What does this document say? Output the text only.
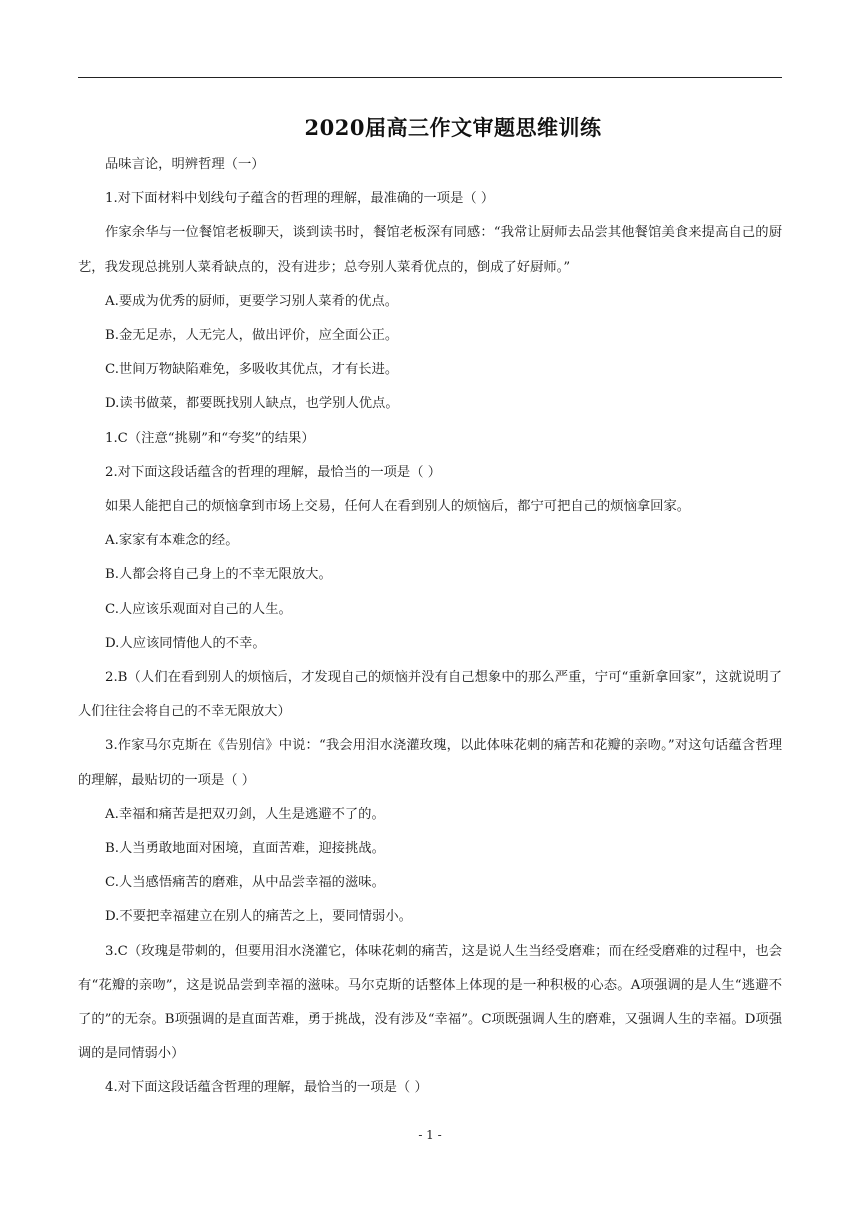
2020届高三作文审题思维训练

品味言论，明辨哲理（一）

1.对下面材料中划线句子蕴含的哲理的理解，最准确的一项是（ ）

作家余华与一位餐馆老板聊天，谈到读书时，餐馆老板深有同感：“我常让厨师去品尝其他餐馆美食来提高自己的厨艺，我发现总挑别人菜肴缺点的，没有进步；总夸别人菜肴优点的，倒成了好厨师。”

A.要成为优秀的厨师，更要学习别人菜肴的优点。

B.金无足赤，人无完人，做出评价，应全面公正。

C.世间万物缺陷难免，多吸收其优点，才有长进。

D.读书做菜，都要既找别人缺点，也学别人优点。

1.C（注意“挑剔”和“夸奖”的结果）

2.对下面这段话蕴含的哲理的理解，最恰当的一项是（ ）

如果人能把自己的烦恼拿到市场上交易，任何人在看到别人的烦恼后，都宁可把自己的烦恼拿回家。

A.家家有本难念的经。

B.人都会将自己身上的不幸无限放大。

C.人应该乐观面对自己的人生。

D.人应该同情他人的不幸。

2.B（人们在看到别人的烦恼后，才发现自己的烦恼并没有自己想象中的那么严重，宁可“重新拿回家”，这就说明了人们往往会将自己的不幸无限放大）

3.作家马尔克斯在《告别信》中说：“我会用泪水浇灌玫瑰，以此体味花刺的痛苦和花瓣的亲吻。”对这句话蕴含哲理的理解，最贴切的一项是（ ）

A.幸福和痛苦是把双刃剑，人生是逃避不了的。

B.人当勇敢地面对困境，直面苦难，迎接挑战。

C.人当感悟痛苦的磨难，从中品尝幸福的滋味。

D.不要把幸福建立在别人的痛苦之上，要同情弱小。

3.C（玫瑰是带刺的，但要用泪水浇灌它，体味花刺的痛苦，这是说人生当经受磨难；而在经受磨难的过程中，也会有“花瓣的亲吻”，这是说品尝到幸福的滋味。马尔克斯的话整体上体现的是一种积极的心态。A项强调的是人生“逃避不了的”的无奈。B项强调的是直面苦难，勇于挑战，没有涉及“幸福”。C项既强调人生的磨难，又强调人生的幸福。D项强调的是同情弱小）

4.对下面这段话蕴含哲理的理解，最恰当的一项是（ ）

- 1 -
